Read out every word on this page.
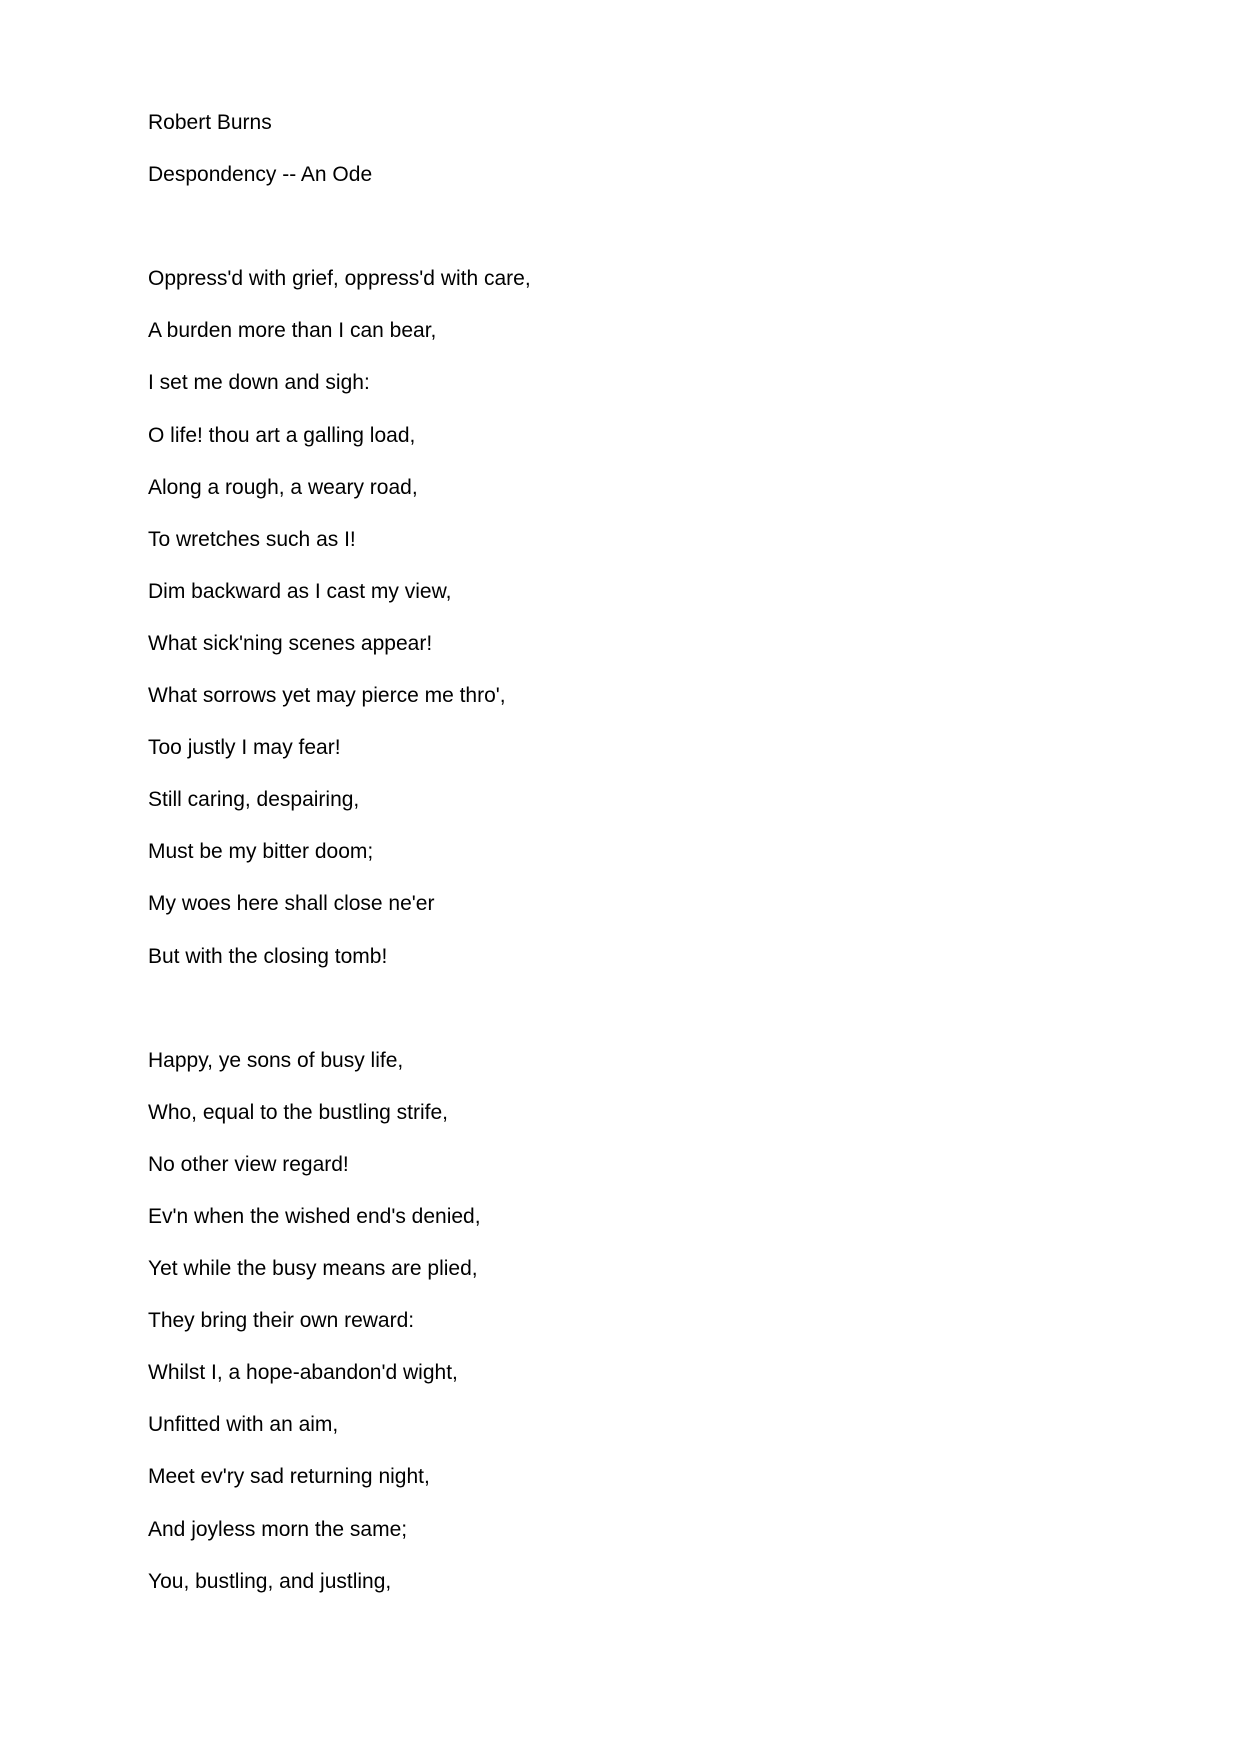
Robert Burns
Despondency -- An Ode
Oppress'd with grief, oppress'd with care,
A burden more than I can bear,
I set me down and sigh:
O life! thou art a galling load,
Along a rough, a weary road,
To wretches such as I!
Dim backward as I cast my view,
What sick'ning scenes appear!
What sorrows yet may pierce me thro',
Too justly I may fear!
Still caring, despairing,
Must be my bitter doom;
My woes here shall close ne'er
But with the closing tomb!
Happy, ye sons of busy life,
Who, equal to the bustling strife,
No other view regard!
Ev'n when the wished end's denied,
Yet while the busy means are plied,
They bring their own reward:
Whilst I, a hope-abandon'd wight,
Unfitted with an aim,
Meet ev'ry sad returning night,
And joyless morn the same;
You, bustling, and justling,
